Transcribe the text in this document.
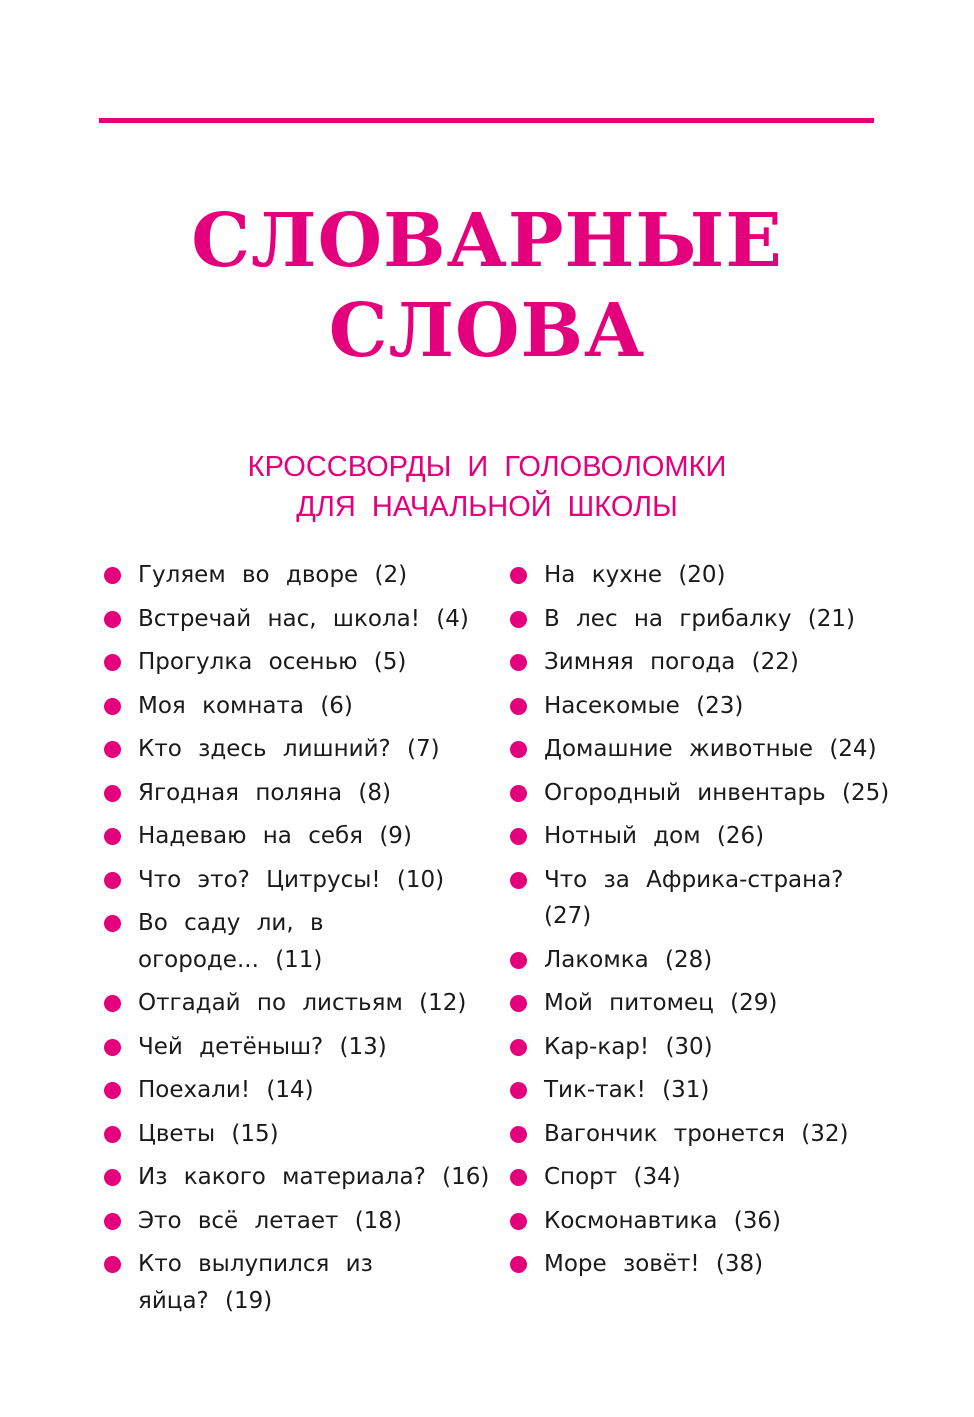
СЛОВАРНЫЕ
СЛОВА
КРОССВОРДЫ И ГОЛОВОЛОМКИ
ДЛЯ НАЧАЛЬНОЙ ШКОЛЫ
Гуляем во дворе (2)
Встречай нас, школа! (4)
Прогулка осенью (5)
Моя комната (6)
Кто здесь лишний? (7)
Ягодная поляна (8)
Надеваю на себя (9)
Что это? Цитрусы! (10)
Во саду ли, в огороде... (11)
Отгадай по листьям (12)
Чей детёныш? (13)
Поехали! (14)
Цветы (15)
Из какого материала? (16)
Это всё летает (18)
Кто вылупился из яйца? (19)
На кухне (20)
В лес на грибалку (21)
Зимняя погода (22)
Насекомые (23)
Домашние животные (24)
Огородный инвентарь (25)
Нотный дом (26)
Что за Африка-страна? (27)
Лакомка (28)
Мой питомец (29)
Кар-кар! (30)
Тик-так! (31)
Вагончик тронется (32)
Спорт (34)
Космонавтика (36)
Море зовёт! (38)
